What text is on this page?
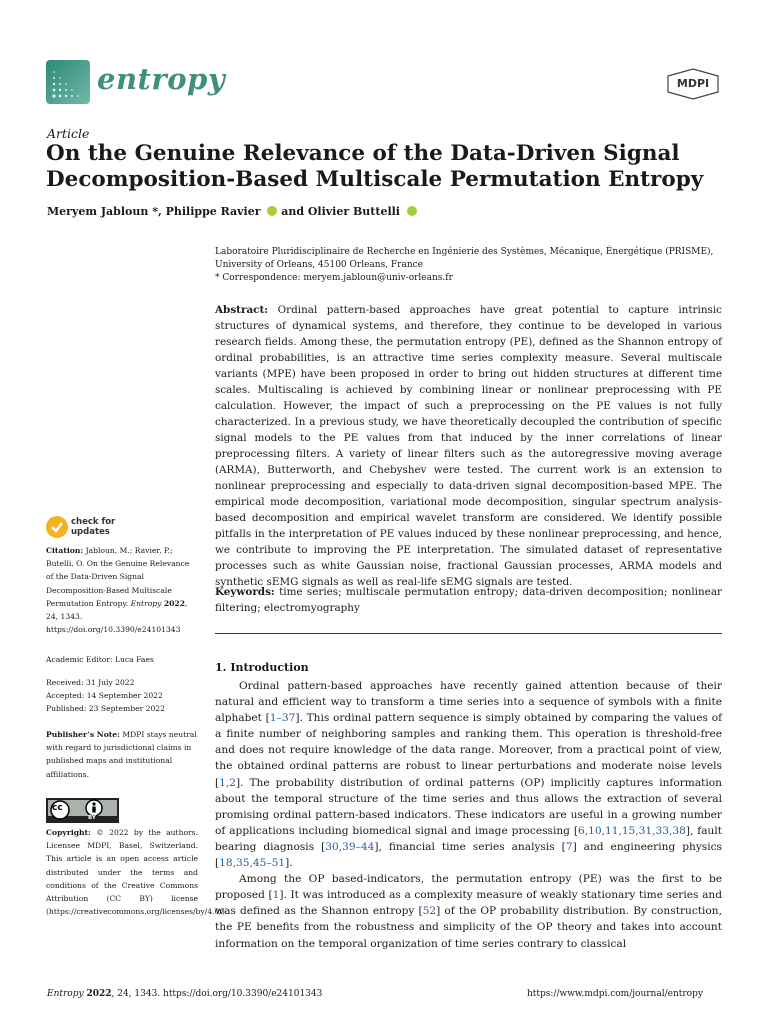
entropy	MDPI
Article
On the Genuine Relevance of the Data-Driven Signal Decomposition-Based Multiscale Permutation Entropy
Meryem Jabloun *, Philippe Ravier and Olivier Buttelli
Laboratoire Pluridisciplinaire de Recherche en Ingénierie des Systèmes, Mécanique, Énergétique (PRISME),
University of Orleans, 45100 Orleans, France
* Correspondence: meryem.jabloun@univ-orleans.fr
Abstract: Ordinal pattern-based approaches have great potential to capture intrinsic structures of dynamical systems, and therefore, they continue to be developed in various research fields. Among these, the permutation entropy (PE), defined as the Shannon entropy of ordinal probabilities, is an attractive time series complexity measure. Several multiscale variants (MPE) have been proposed in order to bring out hidden structures at different time scales. Multiscaling is achieved by combining linear or nonlinear preprocessing with PE calculation. However, the impact of such a preprocessing on the PE values is not fully characterized. In a previous study, we have theoretically decoupled the contribution of specific signal models to the PE values from that induced by the inner correlations of linear preprocessing filters. A variety of linear filters such as the autoregressive moving average (ARMA), Butterworth, and Chebyshev were tested. The current work is an extension to nonlinear preprocessing and especially to data-driven signal decomposition-based MPE. The empirical mode decomposition, variational mode decomposition, singular spectrum analysis-based decomposition and empirical wavelet transform are considered. We identify possible pitfalls in the interpretation of PE values induced by these nonlinear preprocessing, and hence, we contribute to improving the PE interpretation. The simulated dataset of representative processes such as white Gaussian noise, fractional Gaussian processes, ARMA models and synthetic sEMG signals as well as real-life sEMG signals are tested.
Keywords: time series; multiscale permutation entropy; data-driven decomposition; nonlinear filtering; electromyography
1. Introduction

Ordinal pattern-based approaches have recently gained attention because of their natural and efficient way to transform a time series into a sequence of symbols with a finite alphabet [1–37]. This ordinal pattern sequence is simply obtained by comparing the values of a finite number of neighboring samples and ranking them. This operation is threshold-free and does not require knowledge of the data range. Moreover, from a practical point of view, the obtained ordinal patterns are robust to linear perturbations and moderate noise levels [1,2]. The probability distribution of ordinal patterns (OP) implicitly captures information about the temporal structure of the time series and thus allows the extraction of several promising ordinal pattern-based indicators. These indicators are useful in a growing number of applications including biomedical signal and image processing [6,10,11,15,31,33,38], fault bearing diagnosis [30,39–44], financial time series analysis [7] and engineering physics [18,35,45–51].

Among the OP based-indicators, the permutation entropy (PE) was the first to be proposed [1]. It was introduced as a complexity measure of weakly stationary time series and was defined as the Shannon entropy [52] of the OP probability distribution. By construction, the PE benefits from the robustness and simplicity of the OP theory and takes into account information on the temporal organization of time series contrary to classical

check for updates
Citation: Jabloun, M.; Ravier, P.; Butelli, O. On the Genuine Relevance of the Data-Driven Signal Decomposition-Based Multiscale Permutation Entropy. Entropy 2022, 24, 1343. https://doi.org/10.3390/e24101343
Academic Editor: Luca Faes
Received: 31 July 2022
Accepted: 14 September 2022
Published: 23 September 2022
Publisher’s Note: MDPI stays neutral with regard to jurisdictional claims in published maps and institutional affiliations.
cc
BY
Copyright: © 2022 by the authors. Licensee MDPI, Basel, Switzerland. This article is an open access article distributed under the terms and conditions of the Creative Commons Attribution (CC BY) license (https://creativecommons.org/licenses/by/4.0/).
Entropy 2022, 24, 1343. https://doi.org/10.3390/e24101343	https://www.mdpi.com/journal/entropy
